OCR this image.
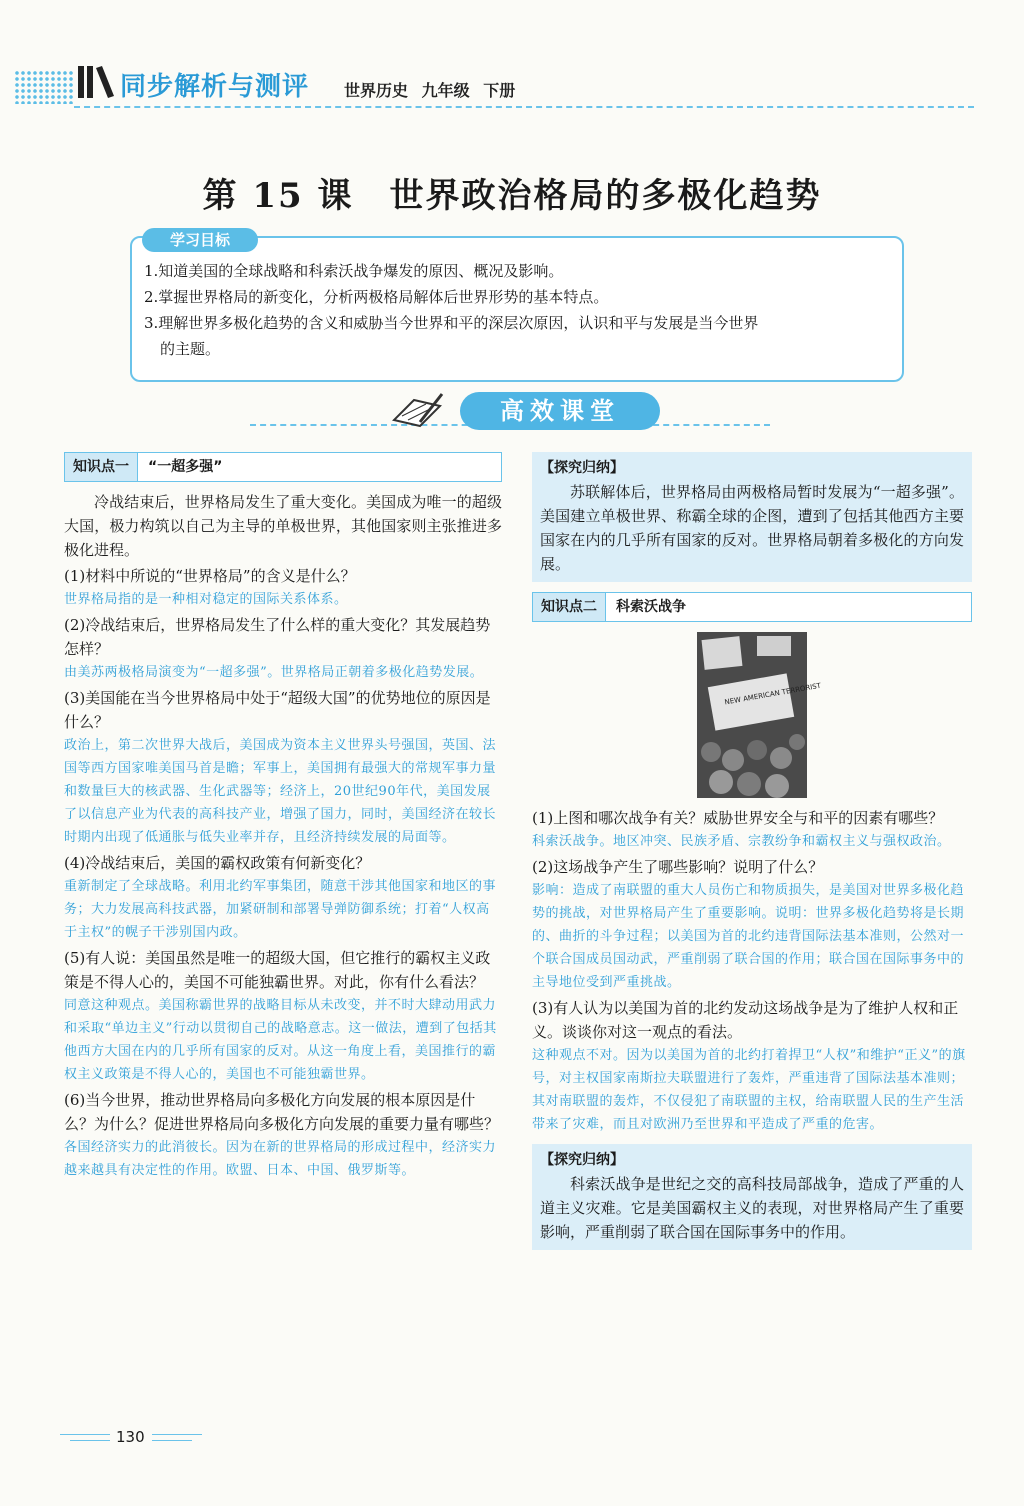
同步解析与测评 世界历史 九年级 下册
第 15 课　世界政治格局的多极化趋势
学习目标

1.知道美国的全球战略和科索沃战争爆发的原因、概况及影响。

2.掌握世界格局的新变化，分析两极格局解体后世界形势的基本特点。

3.理解世界多极化趋势的含义和威胁当今世界和平的深层次原因，认识和平与发展是当今世界

的主题。

高效课堂
知识点一	“一超多强”

冷战结束后，世界格局发生了重大变化。美国成为唯一的超级大国，极力构筑以自己为主导的单极世界，其他国家则主张推进多极化进程。

(1)材料中所说的“世界格局”的含义是什么？

世界格局指的是一种相对稳定的国际关系体系。

(2)冷战结束后，世界格局发生了什么样的重大变化？其发展趋势怎样？

由美苏两极格局演变为“一超多强”。世界格局正朝着多极化趋势发展。

(3)美国能在当今世界格局中处于“超级大国”的优势地位的原因是什么？

政治上，第二次世界大战后，美国成为资本主义世界头号强国，英国、法国等西方国家唯美国马首是瞻；军事上，美国拥有最强大的常规军事力量和数量巨大的核武器、生化武器等；经济上，20世纪90年代，美国发展了以信息产业为代表的高科技产业，增强了国力，同时，美国经济在较长时期内出现了低通胀与低失业率并存，且经济持续发展的局面等。

(4)冷战结束后，美国的霸权政策有何新变化？

重新制定了全球战略。利用北约军事集团，随意干涉其他国家和地区的事务；大力发展高科技武器，加紧研制和部署导弹防御系统；打着“人权高于主权”的幌子干涉别国内政。

(5)有人说：美国虽然是唯一的超级大国，但它推行的霸权主义政策是不得人心的，美国不可能独霸世界。对此，你有什么看法？

同意这种观点。美国称霸世界的战略目标从未改变，并不时大肆动用武力和采取“单边主义”行动以贯彻自己的战略意志。这一做法，遭到了包括其他西方大国在内的几乎所有国家的反对。从这一角度上看，美国推行的霸权主义政策是不得人心的，美国也不可能独霸世界。

(6)当今世界，推动世界格局向多极化方向发展的根本原因是什么？为什么？促进世界格局向多极化方向发展的重要力量有哪些？

各国经济实力的此消彼长。因为在新的世界格局的形成过程中，经济实力越来越具有决定性的作用。欧盟、日本、中国、俄罗斯等。

【探究归纳】

苏联解体后，世界格局由两极格局暂时发展为“一超多强”。美国建立单极世界、称霸全球的企图，遭到了包括其他西方主要国家在内的几乎所有国家的反对。世界格局朝着多极化的方向发展。

知识点二	科索沃战争
NEW AMERICAN TERRORIST

(1)上图和哪次战争有关？威胁世界安全与和平的因素有哪些？

科索沃战争。地区冲突、民族矛盾、宗教纷争和霸权主义与强权政治。

(2)这场战争产生了哪些影响？说明了什么？

影响：造成了南联盟的重大人员伤亡和物质损失，是美国对世界多极化趋势的挑战，对世界格局产生了重要影响。说明：世界多极化趋势将是长期的、曲折的斗争过程；以美国为首的北约违背国际法基本准则，公然对一个联合国成员国动武，严重削弱了联合国的作用；联合国在国际事务中的主导地位受到严重挑战。

(3)有人认为以美国为首的北约发动这场战争是为了维护人权和正义。谈谈你对这一观点的看法。

这种观点不对。因为以美国为首的北约打着捍卫“人权”和维护“正义”的旗号，对主权国家南斯拉夫联盟进行了轰炸，严重违背了国际法基本准则；其对南联盟的轰炸，不仅侵犯了南联盟的主权，给南联盟人民的生产生活带来了灾难，而且对欧洲乃至世界和平造成了严重的危害。

【探究归纳】

科索沃战争是世纪之交的高科技局部战争，造成了严重的人道主义灾难。它是美国霸权主义的表现，对世界格局产生了重要影响，严重削弱了联合国在国际事务中的作用。

130
